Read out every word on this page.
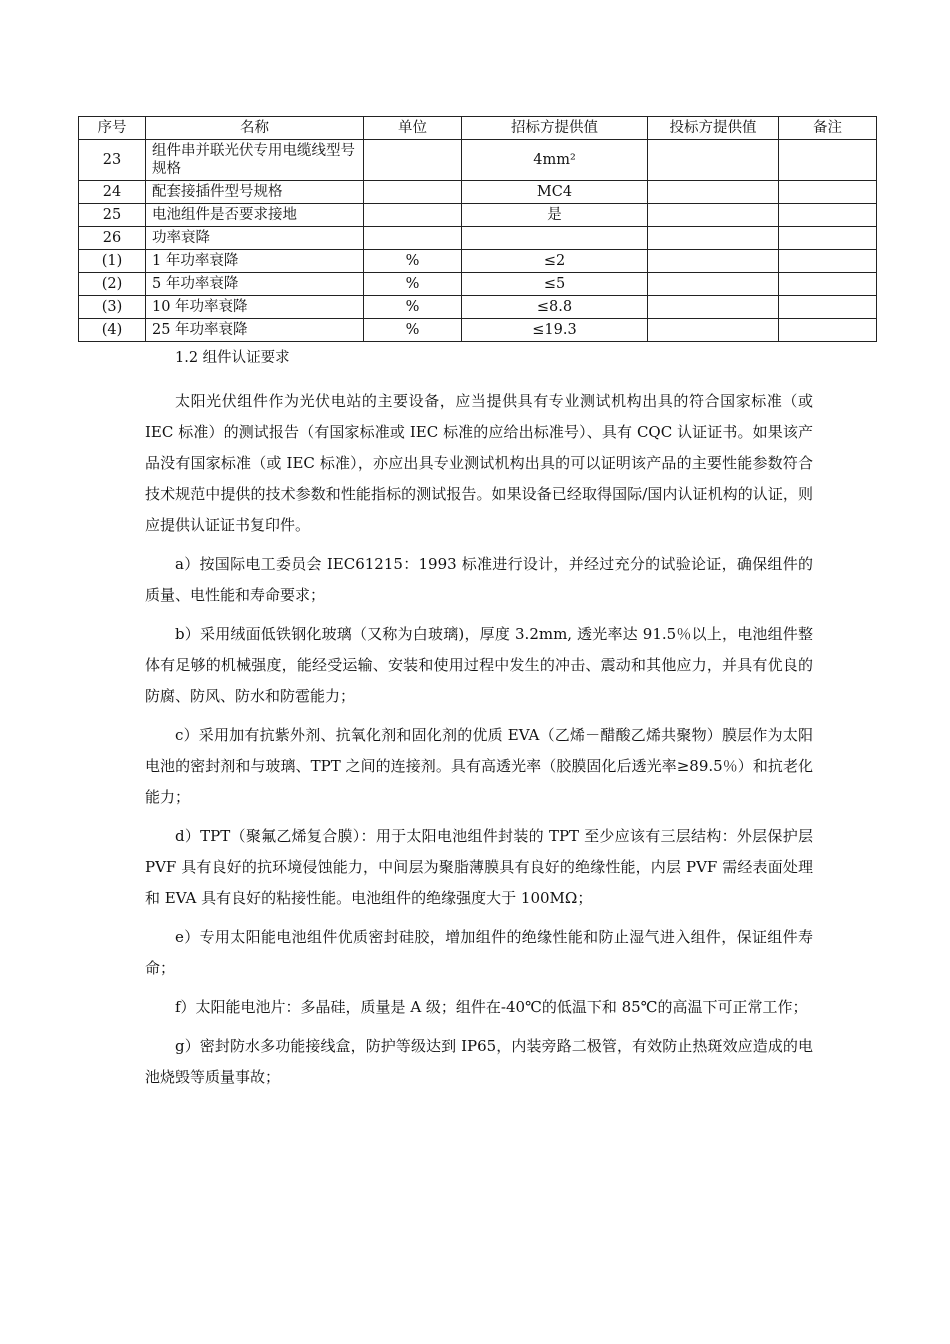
序号	名称	单位	招标方提供值	投标方提供值	备注
23	组件串并联光伏专用电缆线型号规格		4mm²		
24	配套接插件型号规格		MC4		
25	电池组件是否要求接地		是		
26	功率衰降				
(1)	1 年功率衰降	%	≤2		
(2)	5 年功率衰降	%	≤5		
(3)	10 年功率衰降	%	≤8.8		
(4)	25 年功率衰降	%	≤19.3		

1.2 组件认证要求

太阳光伏组件作为光伏电站的主要设备，应当提供具有专业测试机构出具的符合国家标准（或 IEC 标准）的测试报告（有国家标准或 IEC 标准的应给出标准号）、具有 CQC 认证证书。如果该产品没有国家标准（或 IEC 标准），亦应出具专业测试机构出具的可以证明该产品的主要性能参数符合技术规范中提供的技术参数和性能指标的测试报告。如果设备已经取得国际/国内认证机构的认证，则应提供认证证书复印件。

a）按国际电工委员会 IEC61215：1993 标准进行设计，并经过充分的试验论证，确保组件的质量、电性能和寿命要求；

b）采用绒面低铁钢化玻璃（又称为白玻璃)，厚度 3.2mm, 透光率达 91.5％以上，电池组件整体有足够的机械强度，能经受运输、安装和使用过程中发生的冲击、震动和其他应力，并具有优良的防腐、防风、防水和防雹能力；

c）采用加有抗紫外剂、抗氧化剂和固化剂的优质 EVA（乙烯－醋酸乙烯共聚物）膜层作为太阳电池的密封剂和与玻璃、TPT 之间的连接剂。具有高透光率（胶膜固化后透光率≥89.5％）和抗老化能力；

d）TPT（聚氟乙烯复合膜）：用于太阳电池组件封装的 TPT 至少应该有三层结构：外层保护层 PVF 具有良好的抗环境侵蚀能力，中间层为聚脂薄膜具有良好的绝缘性能，内层 PVF 需经表面处理和 EVA 具有良好的粘接性能。电池组件的绝缘强度大于 100MΩ；

e）专用太阳能电池组件优质密封硅胶，增加组件的绝缘性能和防止湿气进入组件，保证组件寿命；

f）太阳能电池片：多晶硅，质量是 A 级；组件在-40℃的低温下和 85℃的高温下可正常工作；

g）密封防水多功能接线盒，防护等级达到 IP65，内装旁路二极管，有效防止热斑效应造成的电池烧毁等质量事故；
